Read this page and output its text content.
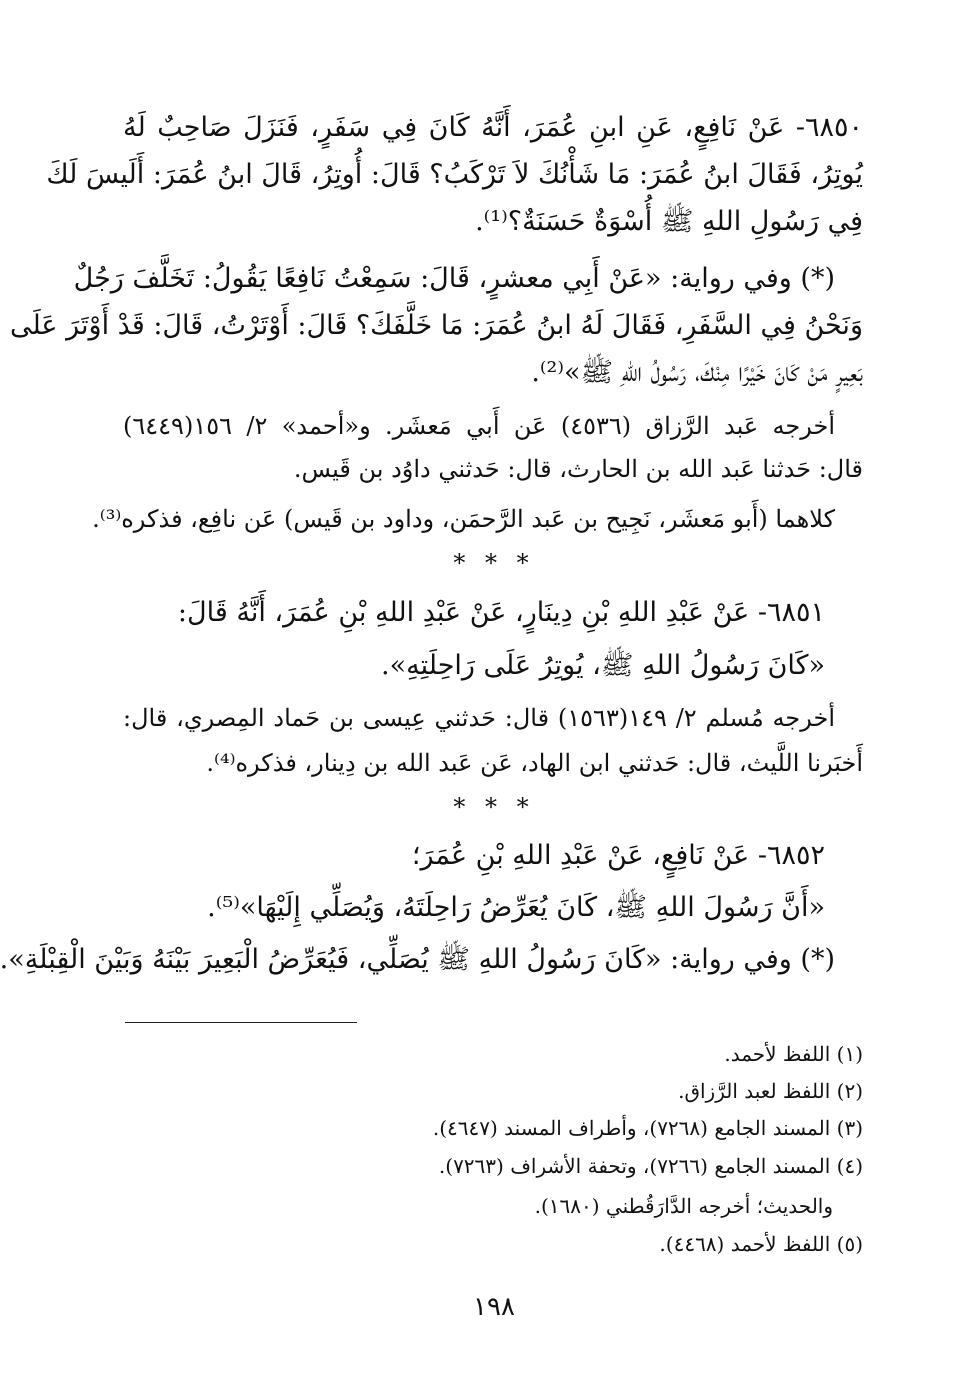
٦٨٥٠- عَنْ نَافِعٍ، عَنِ ابنِ عُمَرَ، أَنَّهُ كَانَ فِي سَفَرٍ، فَنَزَلَ صَاحِبٌ لَهُ
يُوتِرُ، فَقَالَ ابنُ عُمَرَ: مَا شَأْنُكَ لاَ تَرْكَبُ؟ قَالَ: أُوتِرُ، قَالَ ابنُ عُمَرَ: أَلَيسَ لَكَ
فِي رَسُولِ اللهِ ﷺ أُسْوَةٌ حَسَنَةٌ؟⁽¹⁾.
(*) وفي رواية: «عَنْ أَبِي معشرٍ، قَالَ: سَمِعْتُ نَافِعًا يَقُولُ: تَخَلَّفَ رَجُلٌ
وَنَحْنُ فِي السَّفَرِ، فَقَالَ لَهُ ابنُ عُمَرَ: مَا خَلَّفَكَ؟ قَالَ: أَوْتَرْتُ، قَالَ: قَدْ أَوْتَرَ عَلَى
بَعِيرٍ مَنْ كَانَ خَيْرًا مِنْكَ، رَسُولُ اللهِ ﷺ»⁽²⁾.
أخرجه عَبد الرَّزاق (٤٥٣٦) عَن أَبي مَعشَر. و«أحمد» ٢/ ١٥٦(٦٤٤٩)
قال: حَدثنا عَبد الله بن الحارث، قال: حَدثني داوُد بن قَيس.
كلاهما (أَبو مَعشَر، نَجِيح بن عَبد الرَّحمَن، وداود بن قَيس) عَن نافِع، فذكره⁽³⁾.
* * *
٦٨٥١- عَنْ عَبْدِ اللهِ بْنِ دِينَارٍ، عَنْ عَبْدِ اللهِ بْنِ عُمَرَ، أَنَّهُ قَالَ:
«كَانَ رَسُولُ اللهِ ﷺ، يُوتِرُ عَلَى رَاحِلَتِهِ».
أخرجه مُسلم ٢/ ١٤٩(١٥٦٣) قال: حَدثني عِيسى بن حَماد المِصري، قال:
أَخبَرنا اللَّيث، قال: حَدثني ابن الهاد، عَن عَبد الله بن دِينار، فذكره⁽⁴⁾.
* * *
٦٨٥٢- عَنْ نَافِعٍ، عَنْ عَبْدِ اللهِ بْنِ عُمَرَ؛
«أَنَّ رَسُولَ اللهِ ﷺ، كَانَ يُعَرِّضُ رَاحِلَتَهُ، وَيُصَلِّي إِلَيْهَا»⁽⁵⁾.
(*) وفي رواية: «كَانَ رَسُولُ اللهِ ﷺ يُصَلِّي، فَيُعَرِّضُ الْبَعِيرَ بَيْنَهُ وَبَيْنَ الْقِبْلَةِ».
(١) اللفظ لأحمد.
(٢) اللفظ لعبد الرَّزاق.
(٣) المسند الجامع (٧٢٦٨)، وأطراف المسند (٤٦٤٧).
(٤) المسند الجامع (٧٢٦٦)، وتحفة الأشراف (٧٢٦٣).
والحديث؛ أخرجه الدَّارَقُطني (١٦٨٠).
(٥) اللفظ لأحمد (٤٤٦٨).
١٩٨
